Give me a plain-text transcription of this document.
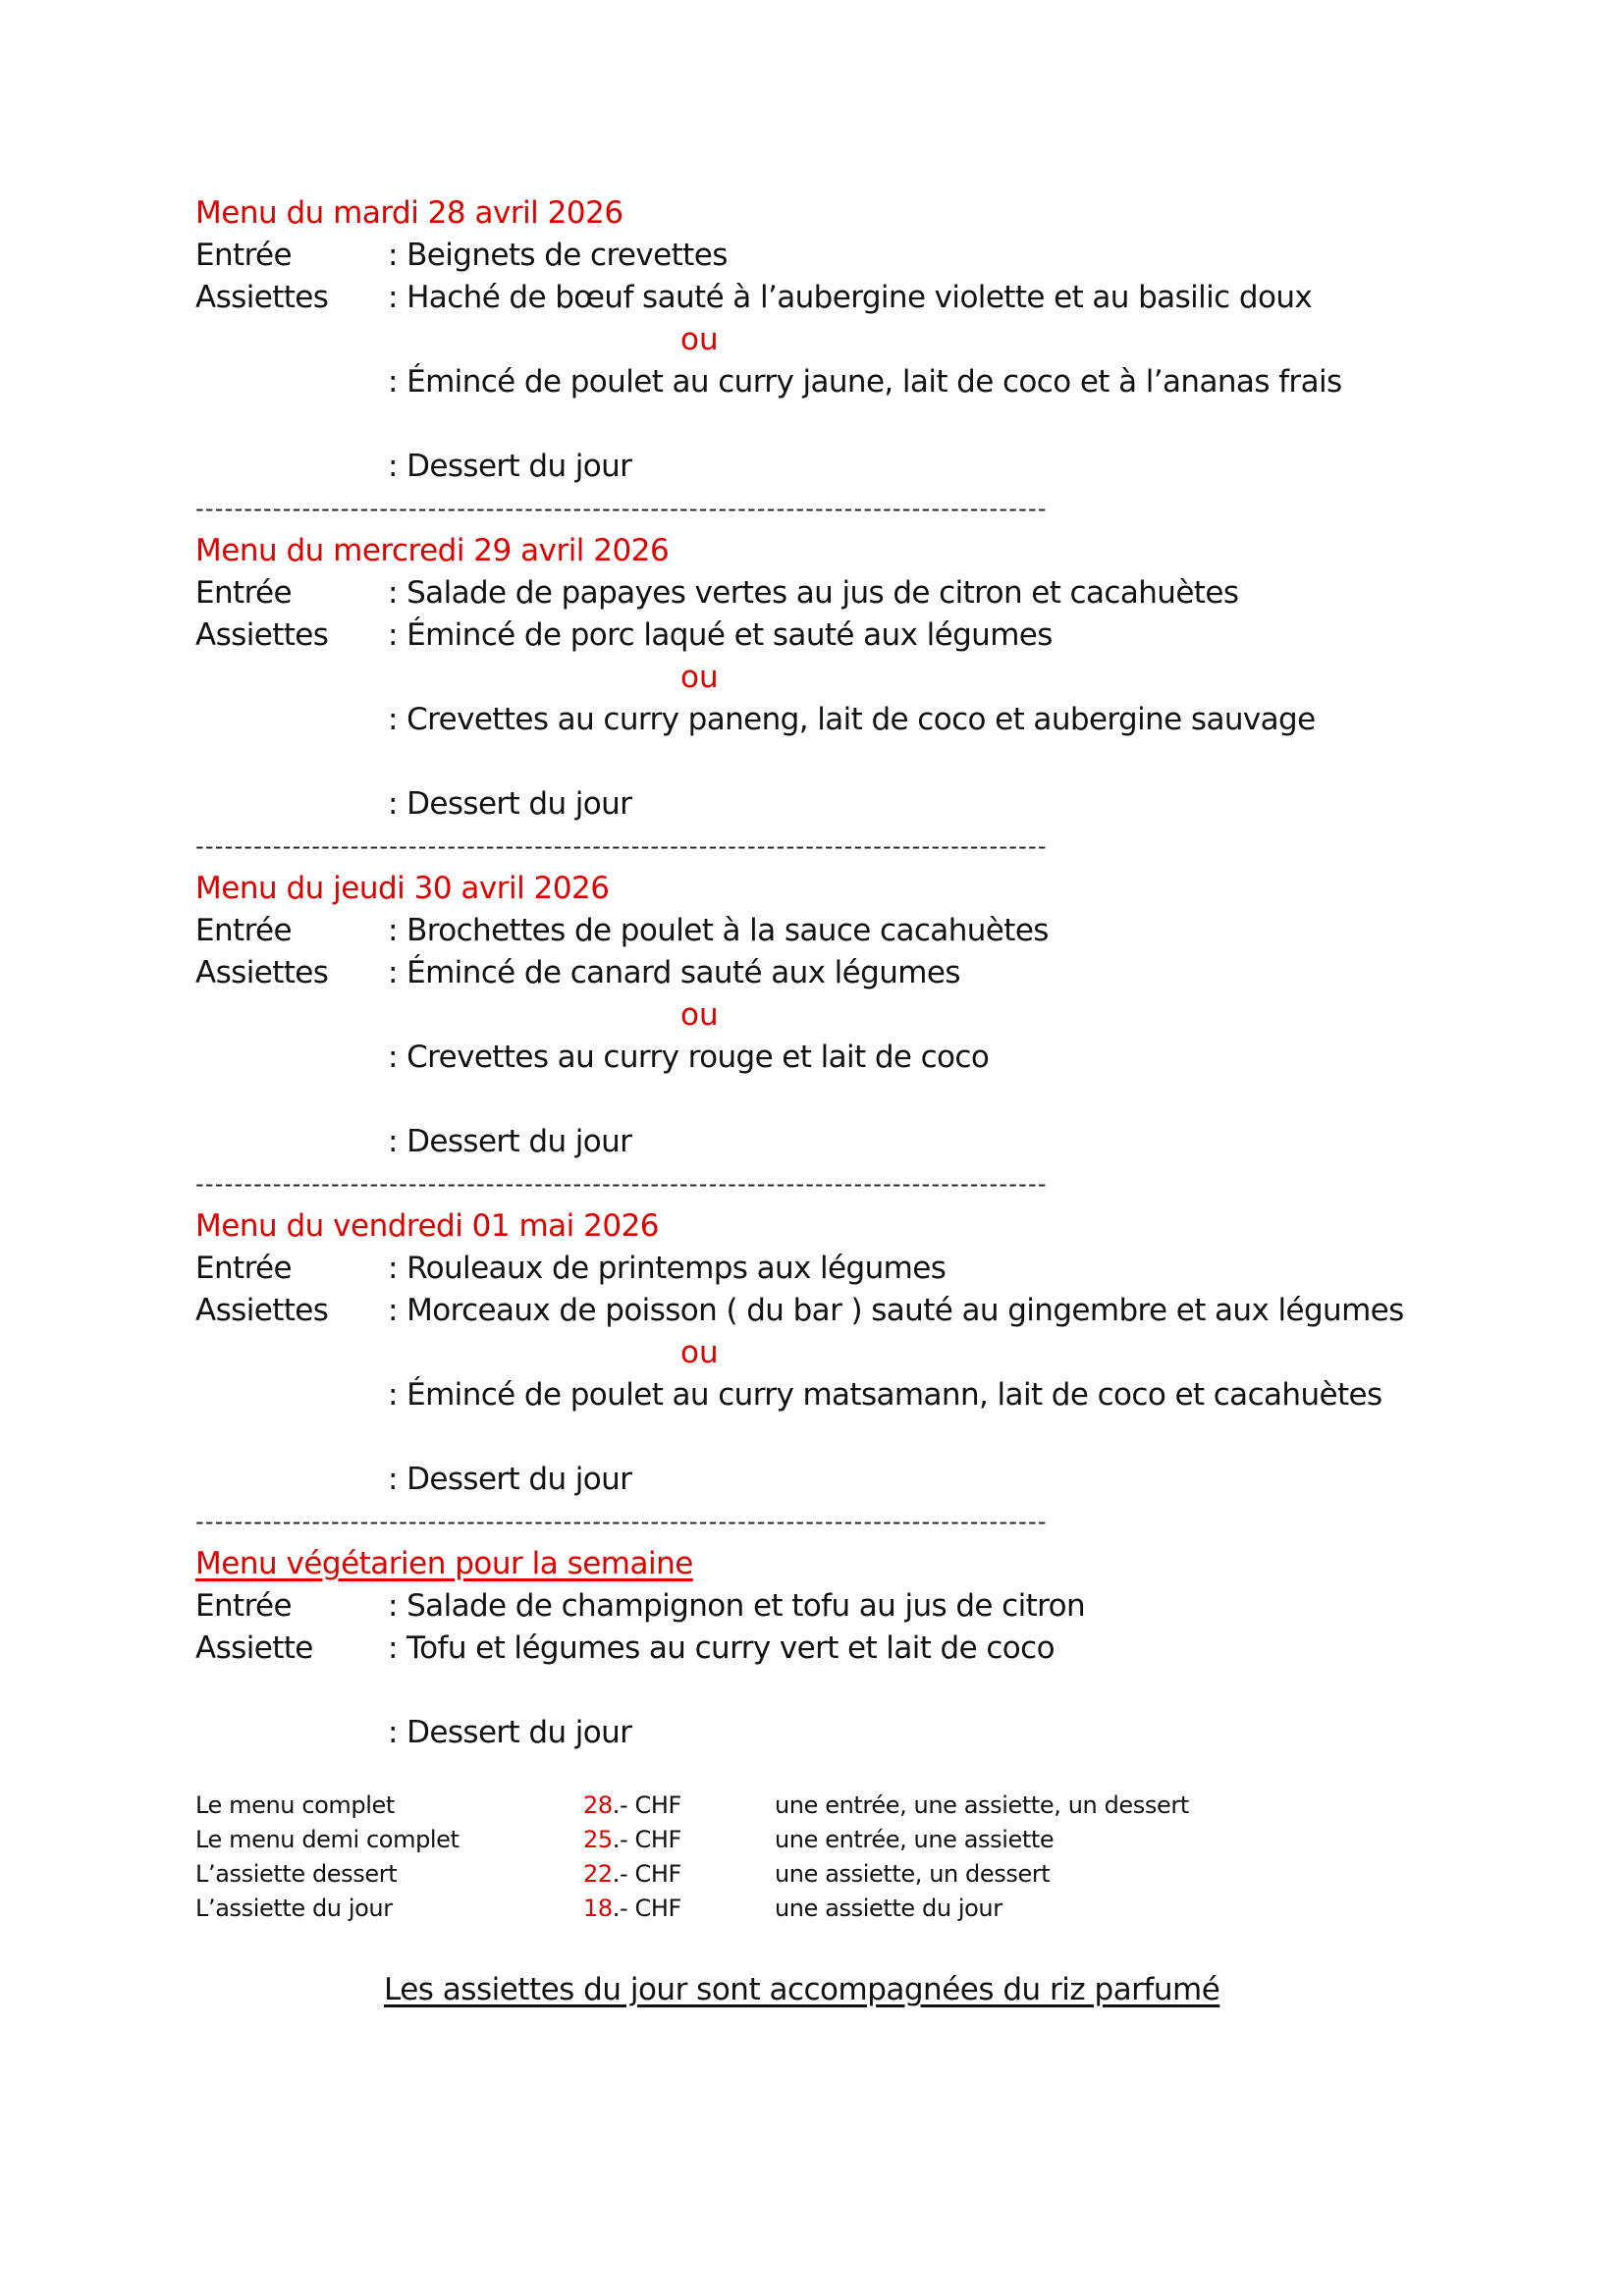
Menu du mardi 28 avril 2026
Entrée	: Beignets de crevettes
Assiettes	: Haché de bœuf sauté à l’aubergine violette et au basilic doux
ou
: Émincé de poulet au curry jaune, lait de coco et à l’ananas frais
: Dessert du jour
----------------------------------------------------------------------------------------
Menu du mercredi 29 avril 2026
Entrée	: Salade de papayes vertes au jus de citron et cacahuètes
Assiettes	: Émincé de porc laqué et sauté aux légumes
ou
: Crevettes au curry paneng, lait de coco et aubergine sauvage
: Dessert du jour
----------------------------------------------------------------------------------------
Menu du jeudi 30 avril 2026
Entrée	: Brochettes de poulet à la sauce cacahuètes
Assiettes	: Émincé de canard sauté aux légumes
ou
: Crevettes au curry rouge et lait de coco
: Dessert du jour
----------------------------------------------------------------------------------------
Menu du vendredi 01 mai 2026
Entrée	: Rouleaux de printemps aux légumes
Assiettes	: Morceaux de poisson ( du bar ) sauté au gingembre et aux légumes
ou
: Émincé de poulet au curry matsamann, lait de coco et cacahuètes
: Dessert du jour
----------------------------------------------------------------------------------------
Menu végétarien pour la semaine
Entrée	: Salade de champignon et tofu au jus de citron
Assiette	: Tofu et légumes au curry vert et lait de coco
: Dessert du jour
Le menu complet	28.- CHF	une entrée, une assiette, un dessert
Le menu demi complet	25.- CHF	une entrée, une assiette
L’assiette dessert	22.- CHF	une assiette, un dessert
L’assiette du jour	18.- CHF	une assiette du jour
Les assiettes du jour sont accompagnées du riz parfumé
